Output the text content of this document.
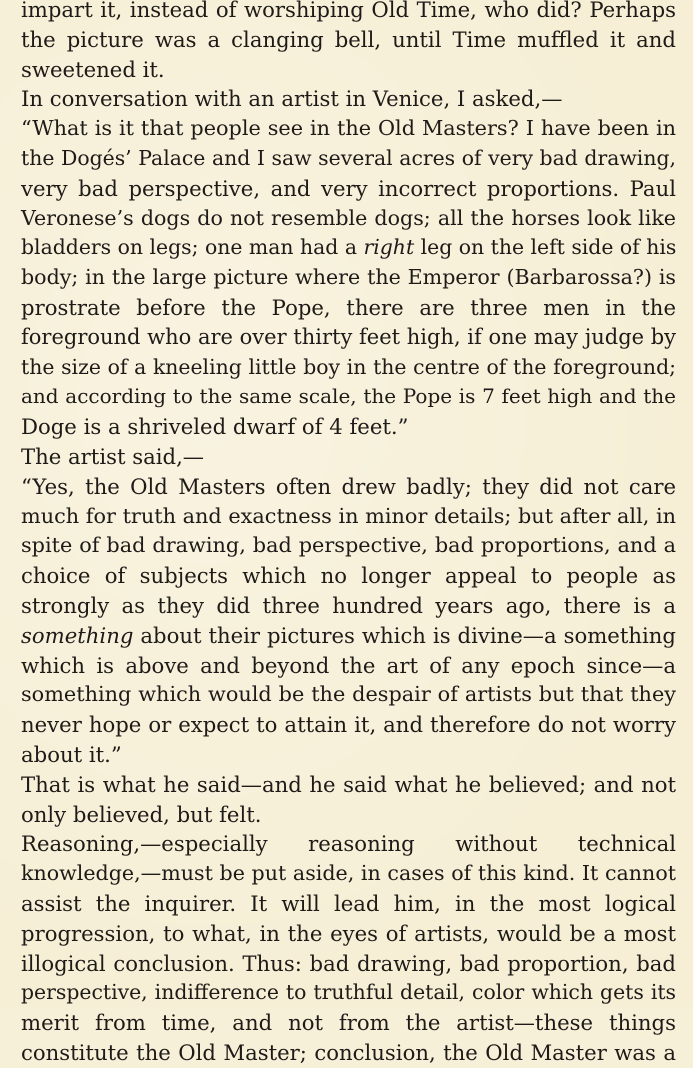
impart it, instead of worshiping Old Time, who did? Perhaps
the picture was a clanging bell, until Time muffled it and
sweetened it.
In conversation with an artist in Venice, I asked,—
“What is it that people see in the Old Masters? I have been in
the Dogés’ Palace and I saw several acres of very bad drawing,
very bad perspective, and very incorrect proportions. Paul
Veronese’s dogs do not resemble dogs; all the horses look like
bladders on legs; one man had a right leg on the left side of his
body; in the large picture where the Emperor (Barbarossa?) is
prostrate before the Pope, there are three men in the
foreground who are over thirty feet high, if one may judge by
the size of a kneeling little boy in the centre of the foreground;
and according to the same scale, the Pope is 7 feet high and the
Doge is a shriveled dwarf of 4 feet.”
The artist said,—
“Yes, the Old Masters often drew badly; they did not care
much for truth and exactness in minor details; but after all, in
spite of bad drawing, bad perspective, bad proportions, and a
choice of subjects which no longer appeal to people as
strongly as they did three hundred years ago, there is a
something about their pictures which is divine—a something
which is above and beyond the art of any epoch since—a
something which would be the despair of artists but that they
never hope or expect to attain it, and therefore do not worry
about it.”
That is what he said—and he said what he believed; and not
only believed, but felt.
Reasoning,—especially reasoning without technical
knowledge,—must be put aside, in cases of this kind. It cannot
assist the inquirer. It will lead him, in the most logical
progression, to what, in the eyes of artists, would be a most
illogical conclusion. Thus: bad drawing, bad proportion, bad
perspective, indifference to truthful detail, color which gets its
merit from time, and not from the artist—these things
constitute the Old Master; conclusion, the Old Master was a
